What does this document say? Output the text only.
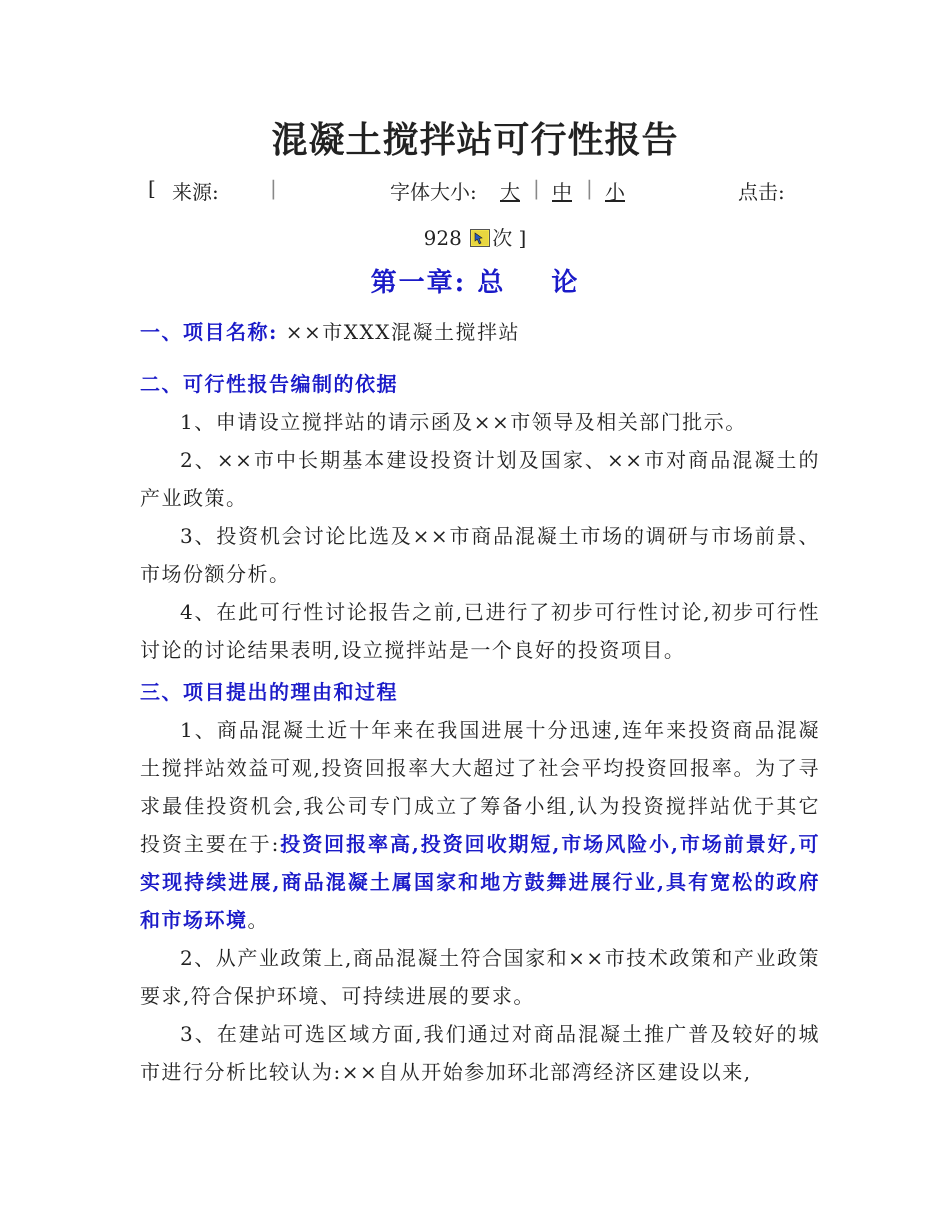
混凝土搅拌站可行性报告
[ 来源:	|	字体大小: 大 | 中 | 小	点击:
928 次 ]
第一章: 总 论
一、项目名称: ××市XXX混凝土搅拌站
二、可行性报告编制的依据
1、申请设立搅拌站的请示函及××市领导及相关部门批示。
2、××市中长期基本建设投资计划及国家、××市对商品混凝土的产业政策。
3、投资机会讨论比选及××市商品混凝土市场的调研与市场前景、市场份额分析。
4、在此可行性讨论报告之前,已进行了初步可行性讨论,初步可行性讨论的讨论结果表明,设立搅拌站是一个良好的投资项目。
三、项目提出的理由和过程
1、商品混凝土近十年来在我国进展十分迅速,连年来投资商品混凝土搅拌站效益可观,投资回报率大大超过了社会平均投资回报率。为了寻求最佳投资机会,我公司专门成立了筹备小组,认为投资搅拌站优于其它投资主要在于:投资回报率高,投资回收期短,市场风险小,市场前景好,可实现持续进展,商品混凝土属国家和地方鼓舞进展行业,具有宽松的政府和市场环境。
2、从产业政策上,商品混凝土符合国家和××市技术政策和产业政策要求,符合保护环境、可持续进展的要求。
3、在建站可选区域方面,我们通过对商品混凝土推广普及较好的城市进行分析比较认为:××自从开始参加环北部湾经济区建设以来,
